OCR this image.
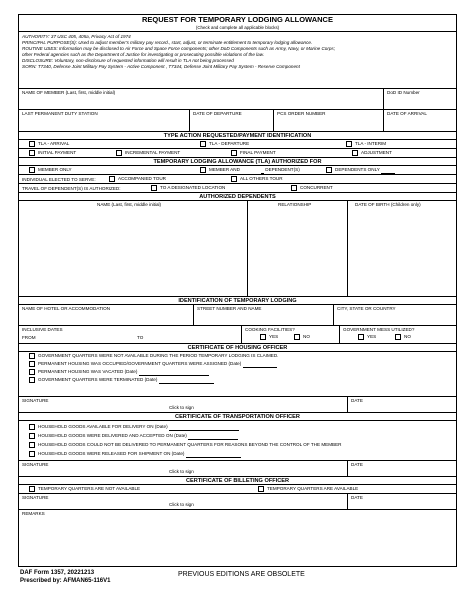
REQUEST FOR TEMPORARY LODGING ALLOWANCE
(Check and complete all applicable blocks)
AUTHORITY: 37 USC 405, 405a, Privacy Act of 1974
PRINCIPAL PURPOSE(S): Used to adjust member's military pay record., start, adjust, or terminate entitlement to temporary lodging allowance.
ROUTINE USES: Information may be disclosed to Air Force and Space Force components; other DoD Components such as Army, Navy, or Marine Corps;
other Federal agencies such as the Department of Justice for investigating or prosecuting possible violations of the law.
DISCLOSURE: Voluntary, non-disclosure of requested information will result in TLA not being processed
SORN: T7340, Defense Joint Military Pay System - Active Component , T7344, Defense Joint Military Pay System - Reserve Component
NAME OF MEMBER (Last, first, middle initial)	DoD ID Number
LAST PERMANENT DUTY STATION	DATE OF DEPARTURE	PCS ORDER NUMBER	DATE OF ARRIVAL
TYPE ACTION REQUESTED/PAYMENT IDENTIFICATION
TLA - ARRIVAL	TLA - DEPARTURE	TLA - INTERIM
INITIAL PAYMENT	INCREMENTAL PAYMENT	FINAL PAYMENT	ADJUSTMENT
TEMPORARY LODGING ALLOWANCE (TLA) AUTHORIZED FOR
MEMBER ONLY	MEMBER AND	DEPENDENT(S)	DEPENDENTS ONLY
INDIVIDUAL ELECTED TO SERVE:	ACCOMPANIED TOUR	ALL OTHERS TOUR
TRAVEL OF DEPENDENT(S) IS AUTHORIZED:	TO A DESIGNATED LOCATION	CONCURRENT
AUTHORIZED DEPENDENTS
NAME (Last, first, middle initial)	RELATIONSHIP	DATE OF BIRTH (Children only)
IDENTIFICATION OF TEMPORARY LODGING
NAME OF HOTEL OR ACCOMMODATION	STREET NUMBER AND NAME	CITY, STATE OR COUNTRY
INCLUSIVE DATES
FROM	TO
COOKING FACILITIES?
YES	NO
GOVERNMENT MESS UTILIZED?
YES	NO
CERTIFICATE OF HOUSING OFFICER
GOVERNMENT QUARTERS WERE NOT AVAILABLE DURING THE PERIOD TEMPORARY LODGING IS CLAIMED.
PERMANENT HOUSING WAS OCCUPIED/GOVERNMENT QUARTERS WERE ASSIGNED (Date)
PERMANENT HOUSING WAS VACATED (Date)
GOVERNMENT QUARTERS WERE TERMINATED (Date)
SIGNATURE
Click to sign
DATE
CERTIFICATE OF TRANSPORTATION OFFICER
HOUSEHOLD GOODS AVAILABLE FOR DELIVERY ON (Date)
HOUSEHOLD GOODS WERE DELIVERED AND ACCEPTED ON (Date)
HOUSEHOLD GOODS COULD NOT BE DELIVERED TO PERMANENT QUARTERS FOR REASONS BEYOND THE CONTROL OF THE MEMBER
HOUSEHOLD GOODS WERE RELEASED FOR SHIPMENT ON (Date)
SIGNATURE
Click to sign
DATE
CERTIFICATE OF BILLETING OFFICER
TEMPORARY QUARTERS ARE NOT AVAILABLE	TEMPORARY QUARTERS ARE AVAILABLE
SIGNATURE
Click to sign
DATE
REMARKS
DAF Form 1357, 20221213
Prescribed by: AFMAN65-116V1
PREVIOUS EDITIONS ARE OBSOLETE
